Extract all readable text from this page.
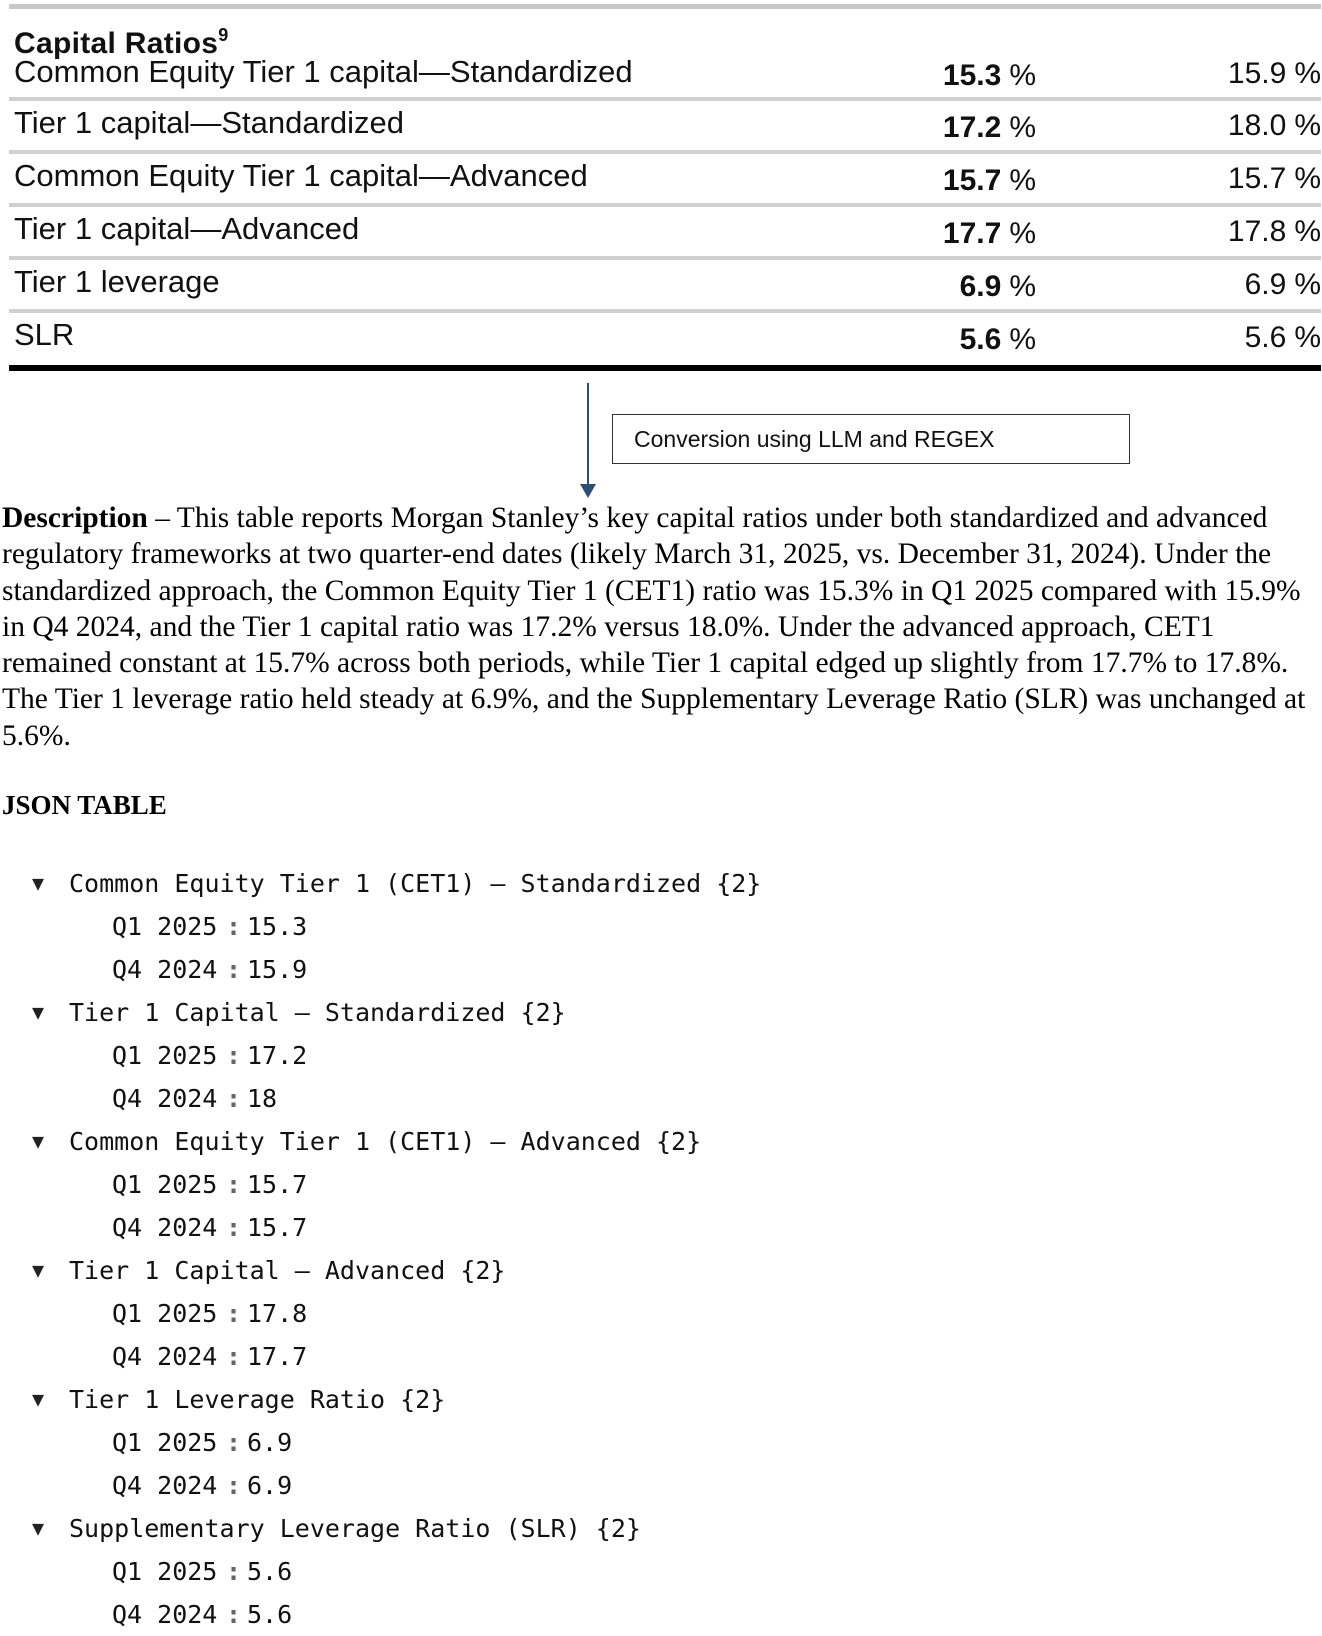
Capital Ratios$^9$
Common Equity Tier 1 capital—Standardized	15.3 %	15.9 %
Tier 1 capital—Standardized	17.2 %	18.0 %
Common Equity Tier 1 capital—Advanced	15.7 %	15.7 %
Tier 1 capital—Advanced	17.7 %	17.8 %
Tier 1 leverage	6.9 %	6.9 %
SLR	5.6 %	5.6 %
Conversion using LLM and REGEX

Description – This table reports Morgan Stanley’s key capital ratios under both standardized and advanced regulatory frameworks at two quarter-end dates (likely March 31, 2025, vs. December 31, 2024). Under the standardized approach, the Common Equity Tier 1 (CET1) ratio was 15.3% in Q1 2025 compared with 15.9% in Q4 2024, and the Tier 1 capital ratio was 17.2% versus 18.0%. Under the advanced approach, CET1 remained constant at 15.7% across both periods, while Tier 1 capital edged up slightly from 17.7% to 17.8%. The Tier 1 leverage ratio held steady at 6.9%, and the Supplementary Leverage Ratio (SLR) was unchanged at 5.6%.

JSON TABLE

▼ Common Equity Tier 1 (CET1) – Standardized {2}
Q1 2025 : 15.3
Q4 2024 : 15.9
▼ Tier 1 Capital – Standardized {2}
Q1 2025 : 17.2
Q4 2024 : 18
▼ Common Equity Tier 1 (CET1) – Advanced {2}
Q1 2025 : 15.7
Q4 2024 : 15.7
▼ Tier 1 Capital – Advanced {2}
Q1 2025 : 17.8
Q4 2024 : 17.7
▼ Tier 1 Leverage Ratio {2}
Q1 2025 : 6.9
Q4 2024 : 6.9
▼ Supplementary Leverage Ratio (SLR) {2}
Q1 2025 : 5.6
Q4 2024 : 5.6
